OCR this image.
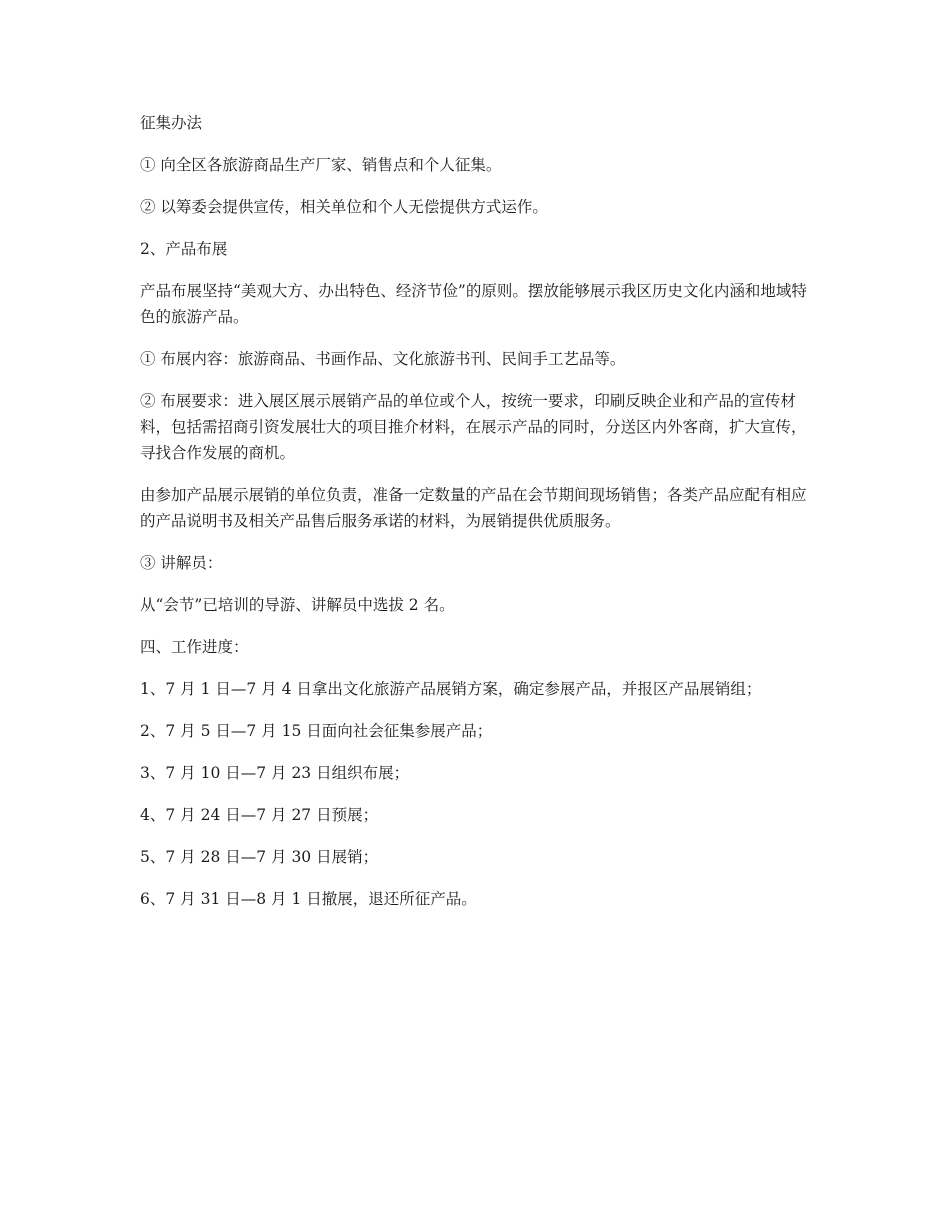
征集办法

① 向全区各旅游商品生产厂家、销售点和个人征集。

② 以筹委会提供宣传，相关单位和个人无偿提供方式运作。

2、产品布展

产品布展坚持“美观大方、办出特色、经济节俭”的原则。摆放能够展示我区历史文化内涵和地域特色的旅游产品。

① 布展内容：旅游商品、书画作品、文化旅游书刊、民间手工艺品等。

② 布展要求：进入展区展示展销产品的单位或个人，按统一要求，印刷反映企业和产品的宣传材料，包括需招商引资发展壮大的项目推介材料，在展示产品的同时，分送区内外客商，扩大宣传，寻找合作发展的商机。

由参加产品展示展销的单位负责，准备一定数量的产品在会节期间现场销售；各类产品应配有相应的产品说明书及相关产品售后服务承诺的材料，为展销提供优质服务。

③ 讲解员：

从“会节”已培训的导游、讲解员中选拔 2 名。

四、工作进度：

1、7 月 1 日—7 月 4 日拿出文化旅游产品展销方案，确定参展产品，并报区产品展销组；

2、7 月 5 日—7 月 15 日面向社会征集参展产品；

3、7 月 10 日—7 月 23 日组织布展；

4、7 月 24 日—7 月 27 日预展；

5、7 月 28 日—7 月 30 日展销；

6、7 月 31 日—8 月 1 日撤展，退还所征产品。
